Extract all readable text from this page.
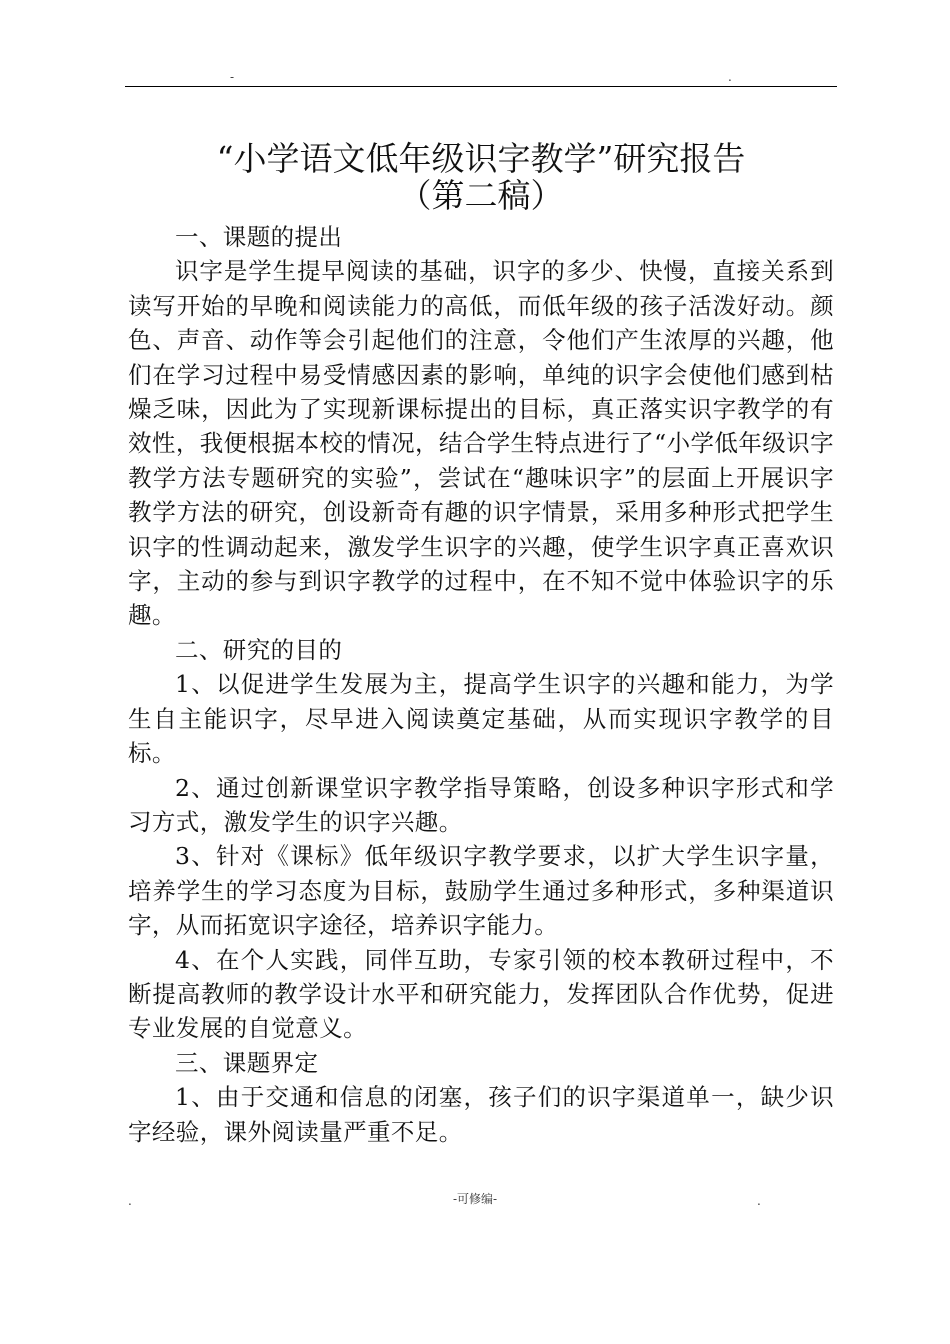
-	.
“小学语文低年级识字教学”研究报告
（第二稿）

一、课题的提出

识字是学生提早阅读的基础，识字的多少、快慢，直接关系到读写开始的早晚和阅读能力的高低，而低年级的孩子活泼好动。颜色、声音、动作等会引起他们的注意，令他们产生浓厚的兴趣，他们在学习过程中易受情感因素的影响，单纯的识字会使他们感到枯燥乏味，因此为了实现新课标提出的目标，真正落实识字教学的有效性，我便根据本校的情况，结合学生特点进行了“小学低年级识字教学方法专题研究的实验”，尝试在“趣味识字”的层面上开展识字教学方法的研究，创设新奇有趣的识字情景，采用多种形式把学生识字的性调动起来，激发学生识字的兴趣，使学生识字真正喜欢识字，主动的参与到识字教学的过程中，在不知不觉中体验识字的乐趣。

二、研究的目的

1、以促进学生发展为主，提高学生识字的兴趣和能力，为学生自主能识字，尽早进入阅读奠定基础，从而实现识字教学的目标。

2、通过创新课堂识字教学指导策略，创设多种识字形式和学习方式，激发学生的识字兴趣。

3、针对《课标》低年级识字教学要求，以扩大学生识字量，培养学生的学习态度为目标，鼓励学生通过多种形式，多种渠道识字，从而拓宽识字途径，培养识字能力。

4、在个人实践，同伴互助，专家引领的校本教研过程中，不断提高教师的教学设计水平和研究能力，发挥团队合作优势，促进专业发展的自觉意义。

三、课题界定

1、由于交通和信息的闭塞，孩子们的识字渠道单一，缺少识字经验，课外阅读量严重不足。

.	-可修编-	.
